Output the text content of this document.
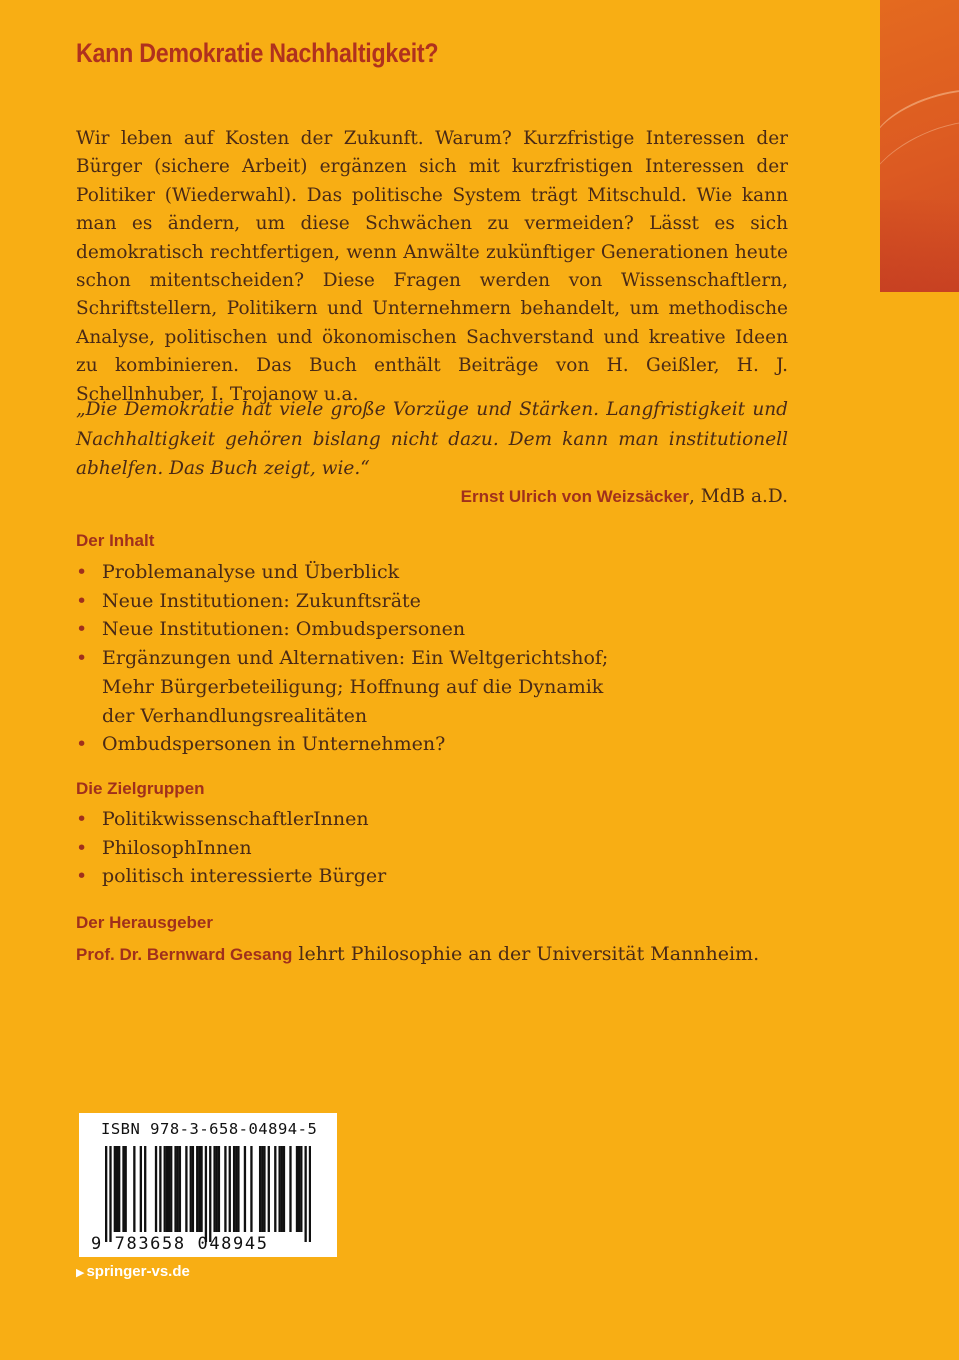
Kann Demokratie Nachhaltigkeit?
Wir leben auf Kosten der Zukunft. Warum? Kurzfristige Interessen der Bürger (sichere Arbeit) ergänzen sich mit kurzfristigen Interessen der Politiker (Wiederwahl). Das politische System trägt Mitschuld. Wie kann man es ändern, um diese Schwächen zu vermeiden? Lässt es sich demokratisch rechtfertigen, wenn Anwälte zukünftiger Generationen heute schon mitentscheiden? Diese Fragen werden von Wissenschaftlern, Schriftstellern, Politikern und Unternehmern behandelt, um methodische Analyse, politischen und ökonomischen Sachverstand und kreative Ideen zu kombinieren. Das Buch enthält Beiträge von H. Geißler, H. J. Schellnhuber, I. Trojanow u.a.
„Die Demokratie hat viele große Vorzüge und Stärken. Langfristigkeit und Nachhaltigkeit gehören bislang nicht dazu. Dem kann man institutionell abhelfen. Das Buch zeigt, wie.“
Ernst Ulrich von Weizsäcker, MdB a.D.
Der Inhalt
• Problemanalyse und Überblick
• Neue Institutionen: Zukunftsräte
• Neue Institutionen: Ombudspersonen
• Ergänzungen und Alternativen: Ein Weltgerichtshof;
Mehr Bürgerbeteiligung; Hoffnung auf die Dynamik
der Verhandlungsrealitäten
• Ombudspersonen in Unternehmen?
Die Zielgruppen
• PolitikwissenschaftlerInnen
• PhilosophInnen
• politisch interessierte Bürger
Der Herausgeber
Prof. Dr. Bernward Gesang lehrt Philosophie an der Universität Mannheim.
ISBN 978-3-658-04894-5
9 783658 048945
▶ springer-vs.de
